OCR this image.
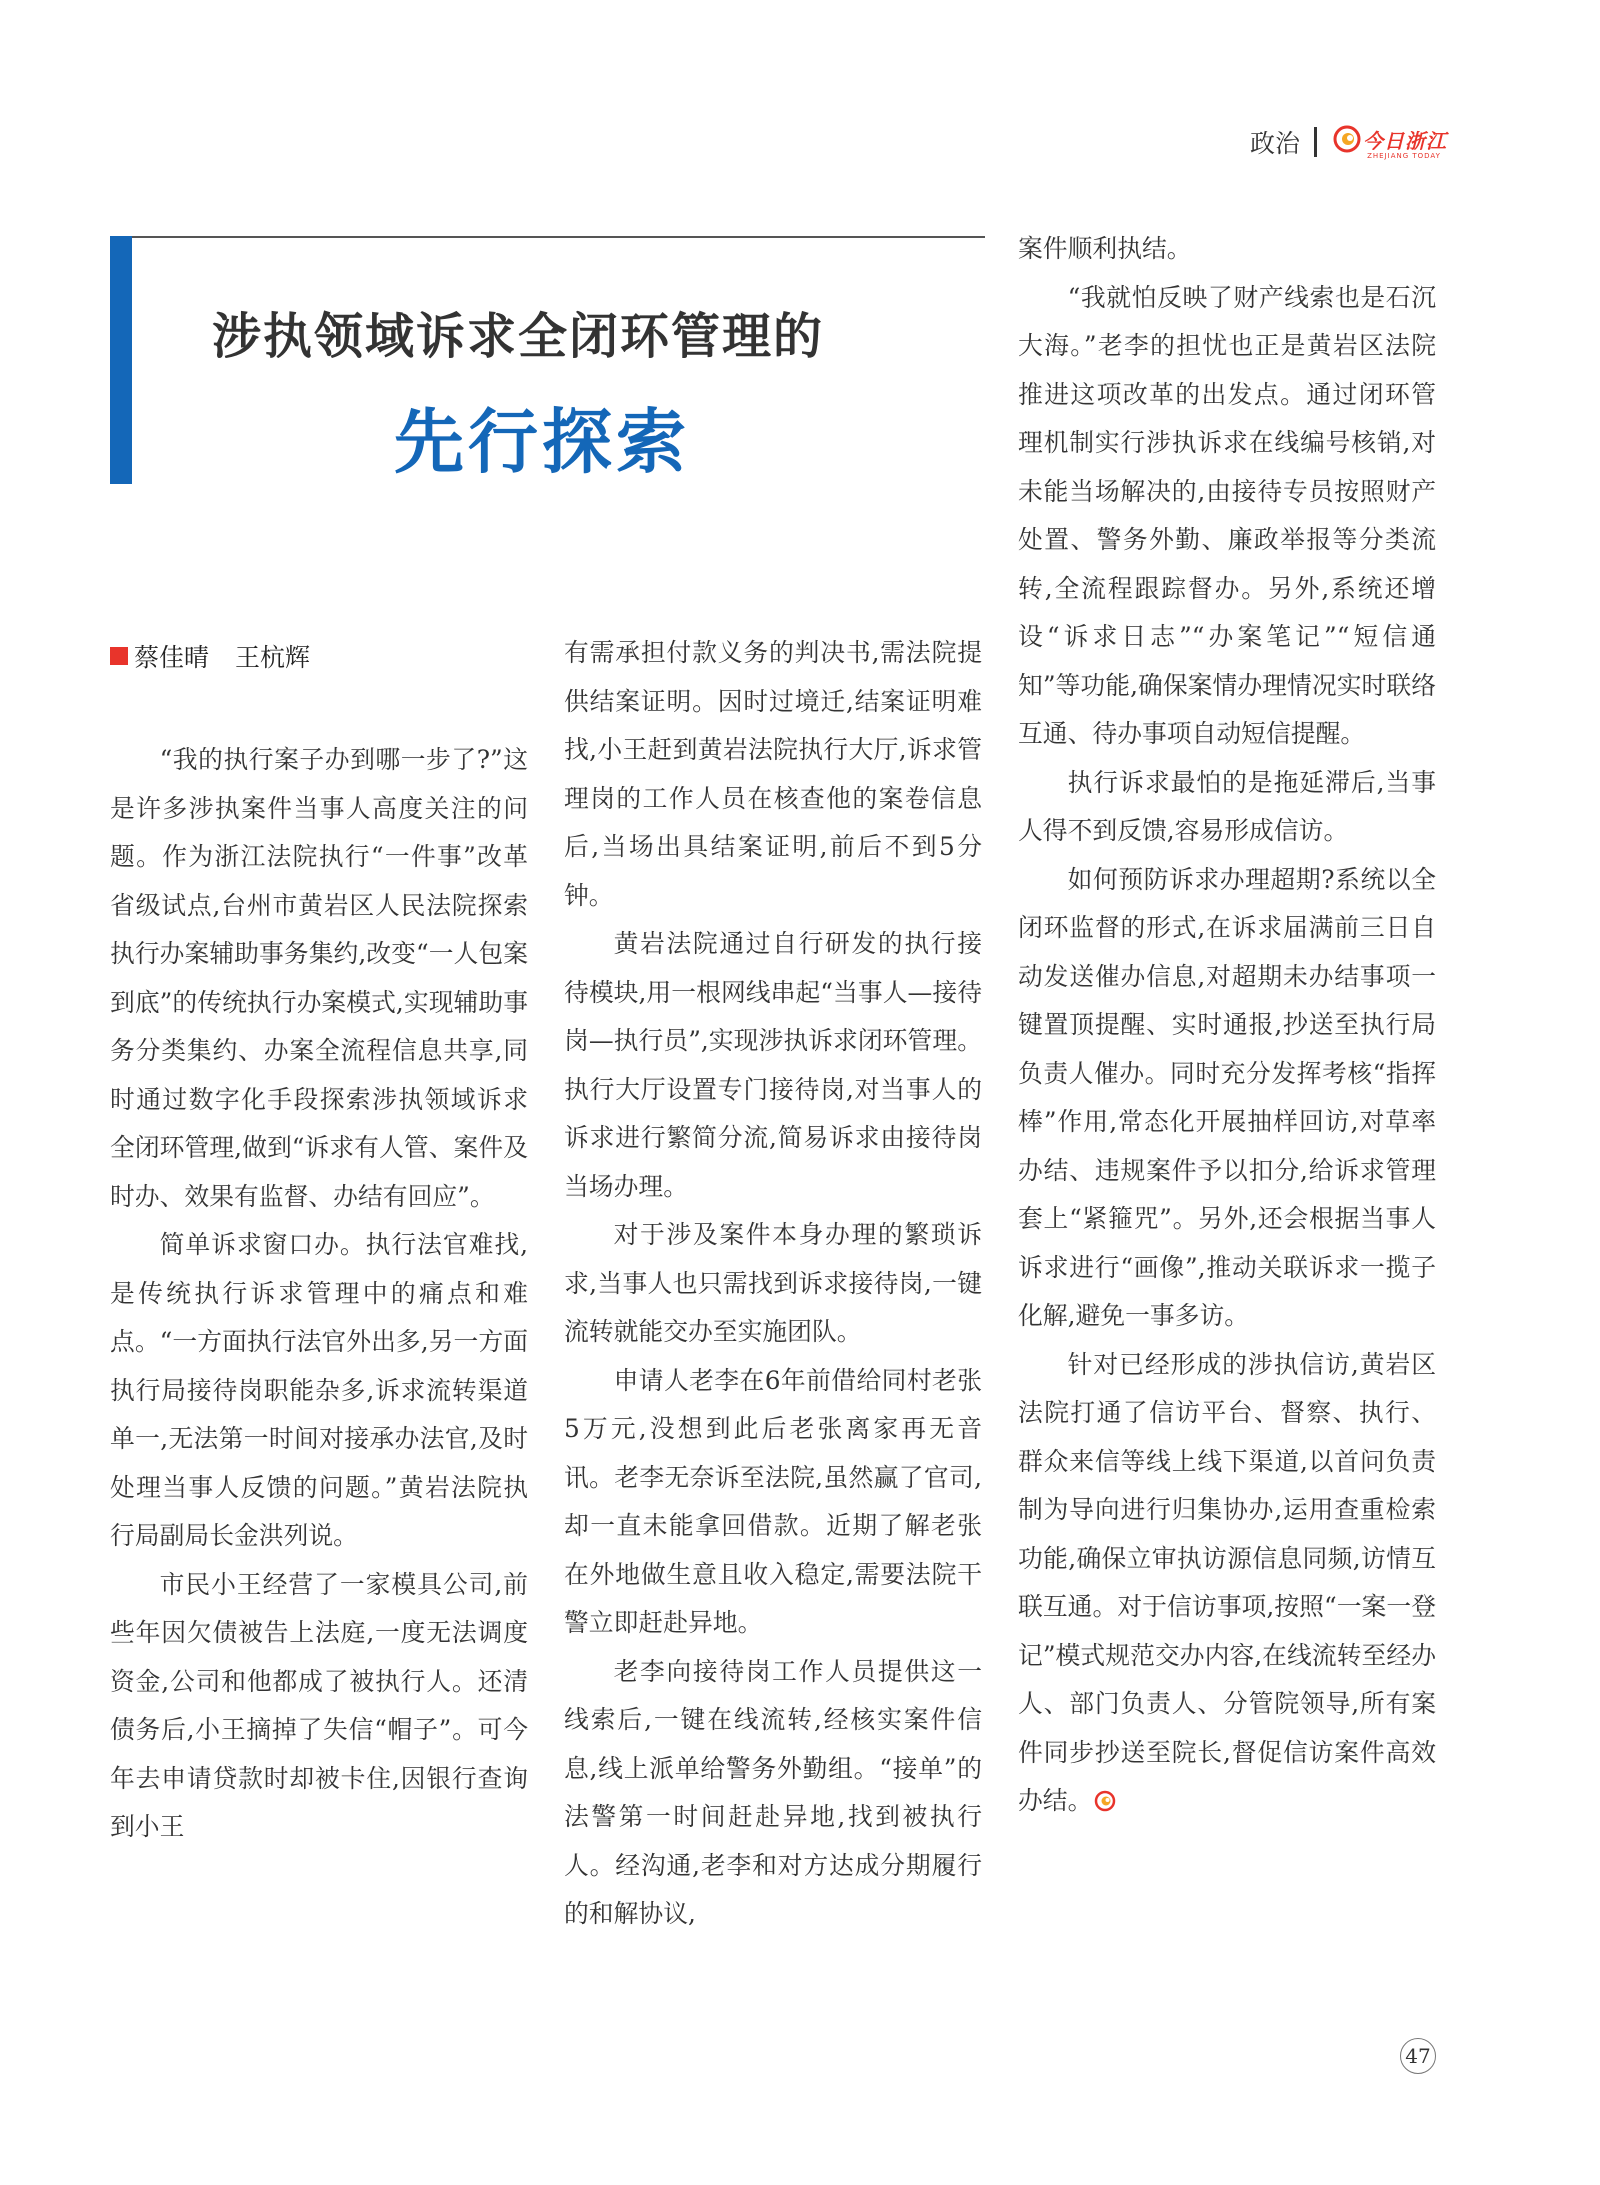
政治	今日浙江
ZHEJIANG TODAY
涉执领域诉求全闭环管理的
先行探索
蔡佳晴 王杭辉

“我的执行案子办到哪一步了?”这是许多涉执案件当事人高度关注的问题。作为浙江法院执行“一件事”改革省级试点,台州市黄岩区人民法院探索执行办案辅助事务集约,改变“一人包案到底”的传统执行办案模式,实现辅助事务分类集约、办案全流程信息共享,同时通过数字化手段探索涉执领域诉求全闭环管理,做到“诉求有人管、案件及时办、效果有监督、办结有回应”。

简单诉求窗口办。执行法官难找,是传统执行诉求管理中的痛点和难点。“一方面执行法官外出多,另一方面执行局接待岗职能杂多,诉求流转渠道单一,无法第一时间对接承办法官,及时处理当事人反馈的问题。”黄岩法院执行局副局长金洪列说。

市民小王经营了一家模具公司,前些年因欠债被告上法庭,一度无法调度资金,公司和他都成了被执行人。还清债务后,小王摘掉了失信“帽子”。可今年去申请贷款时却被卡住,因银行查询到小王

有需承担付款义务的判决书,需法院提供结案证明。因时过境迁,结案证明难找,小王赶到黄岩法院执行大厅,诉求管理岗的工作人员在核查他的案卷信息后,当场出具结案证明,前后不到5分钟。

黄岩法院通过自行研发的执行接待模块,用一根网线串起“当事人—接待岗—执行员”,实现涉执诉求闭环管理。执行大厅设置专门接待岗,对当事人的诉求进行繁简分流,简易诉求由接待岗当场办理。

对于涉及案件本身办理的繁琐诉求,当事人也只需找到诉求接待岗,一键流转就能交办至实施团队。

申请人老李在6年前借给同村老张5万元,没想到此后老张离家再无音讯。老李无奈诉至法院,虽然赢了官司,却一直未能拿回借款。近期了解老张在外地做生意且收入稳定,需要法院干警立即赶赴异地。

老李向接待岗工作人员提供这一线索后,一键在线流转,经核实案件信息,线上派单给警务外勤组。“接单”的法警第一时间赶赴异地,找到被执行人。经沟通,老李和对方达成分期履行的和解协议,

案件顺利执结。

“我就怕反映了财产线索也是石沉大海。”老李的担忧也正是黄岩区法院推进这项改革的出发点。通过闭环管理机制实行涉执诉求在线编号核销,对未能当场解决的,由接待专员按照财产处置、警务外勤、廉政举报等分类流转,全流程跟踪督办。另外,系统还增设“诉求日志”“办案笔记”“短信通知”等功能,确保案情办理情况实时联络互通、待办事项自动短信提醒。

执行诉求最怕的是拖延滞后,当事人得不到反馈,容易形成信访。

如何预防诉求办理超期?系统以全闭环监督的形式,在诉求届满前三日自动发送催办信息,对超期未办结事项一键置顶提醒、实时通报,抄送至执行局负责人催办。同时充分发挥考核“指挥棒”作用,常态化开展抽样回访,对草率办结、违规案件予以扣分,给诉求管理套上“紧箍咒”。另外,还会根据当事人诉求进行“画像”,推动关联诉求一揽子化解,避免一事多访。

针对已经形成的涉执信访,黄岩区法院打通了信访平台、督察、执行、群众来信等线上线下渠道,以首问负责制为导向进行归集协办,运用查重检索功能,确保立审执访源信息同频,访情互联互通。对于信访事项,按照“一案一登记”模式规范交办内容,在线流转至经办人、部门负责人、分管院领导,所有案件同步抄送至院长,督促信访案件高效办结。

47
